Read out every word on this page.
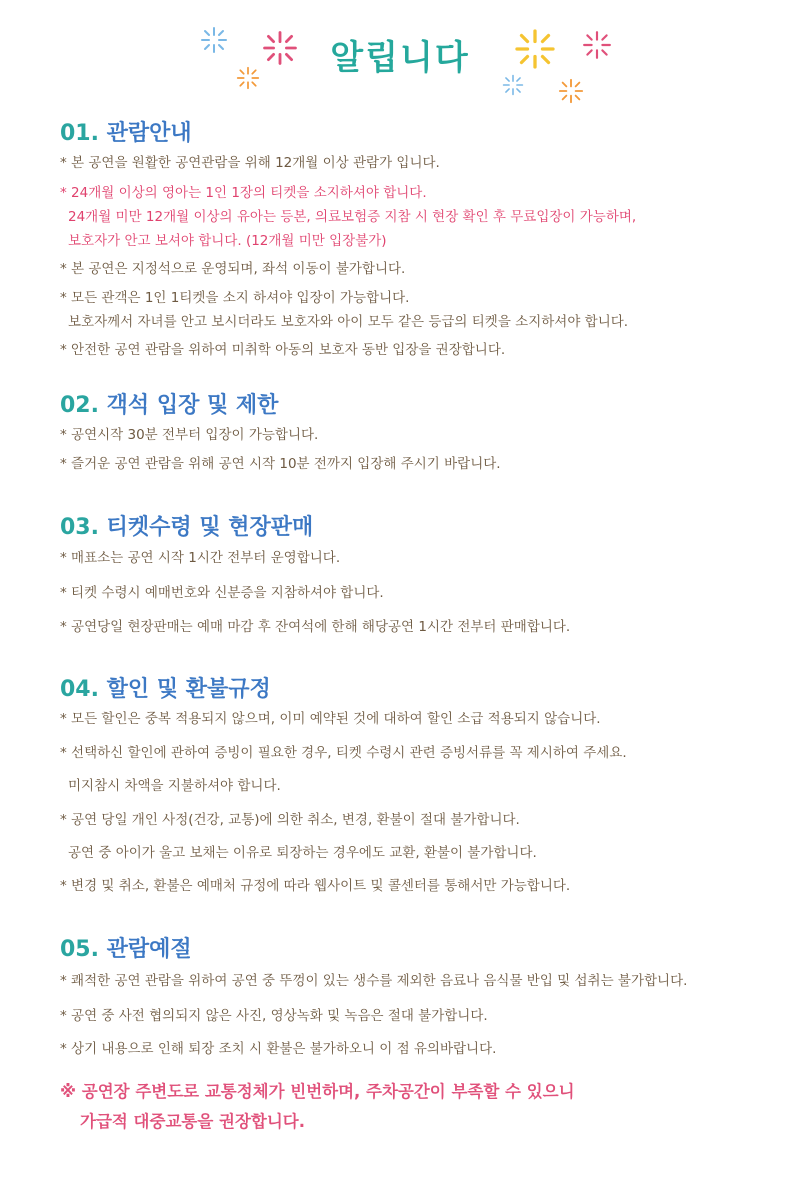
알립니다
01. 관람안내
* 본 공연을 원활한 공연관람을 위해 12개월 이상 관람가 입니다.
* 24개월 이상의 영아는 1인 1장의 티켓을 소지하셔야 합니다.
24개월 미만 12개월 이상의 유아는 등본, 의료보험증 지참 시 현장 확인 후 무료입장이 가능하며,
보호자가 안고 보셔야 합니다. (12개월 미만 입장불가)
* 본 공연은 지정석으로 운영되며, 좌석 이동이 불가합니다.
* 모든 관객은 1인 1티켓을 소지 하셔야 입장이 가능합니다.
보호자께서 자녀를 안고 보시더라도 보호자와 아이 모두 같은 등급의 티켓을 소지하셔야 합니다.
* 안전한 공연 관람을 위하여 미취학 아동의 보호자 동반 입장을 권장합니다.
02. 객석 입장 및 제한
* 공연시작 30분 전부터 입장이 가능합니다.
* 즐거운 공연 관람을 위해 공연 시작 10분 전까지 입장해 주시기 바랍니다.
03. 티켓수령 및 현장판매
* 매표소는 공연 시작 1시간 전부터 운영합니다.
* 티켓 수령시 예매번호와 신분증을 지참하셔야 합니다.
* 공연당일 현장판매는 예매 마감 후 잔여석에 한해 해당공연 1시간 전부터 판매합니다.
04. 할인 및 환불규정
* 모든 할인은 중복 적용되지 않으며, 이미 예약된 것에 대하여 할인 소급 적용되지 않습니다.
* 선택하신 할인에 관하여 증빙이 필요한 경우, 티켓 수령시 관련 증빙서류를 꼭 제시하여 주세요.
미지참시 차액을 지불하셔야 합니다.
* 공연 당일 개인 사정(건강, 교통)에 의한 취소, 변경, 환불이 절대 불가합니다.
공연 중 아이가 울고 보채는 이유로 퇴장하는 경우에도 교환, 환불이 불가합니다.
* 변경 및 취소, 환불은 예매처 규정에 따라 웹사이트 및 콜센터를 통해서만 가능합니다.
05. 관람예절
* 쾌적한 공연 관람을 위하여 공연 중 뚜껑이 있는 생수를 제외한 음료나 음식물 반입 및 섭취는 불가합니다.
* 공연 중 사전 협의되지 않은 사진, 영상녹화 및 녹음은 절대 불가합니다.
* 상기 내용으로 인해 퇴장 조치 시 환불은 불가하오니 이 점 유의바랍니다.
※ 공연장 주변도로 교통정체가 빈번하며, 주차공간이 부족할 수 있으니
가급적 대중교통을 권장합니다.
